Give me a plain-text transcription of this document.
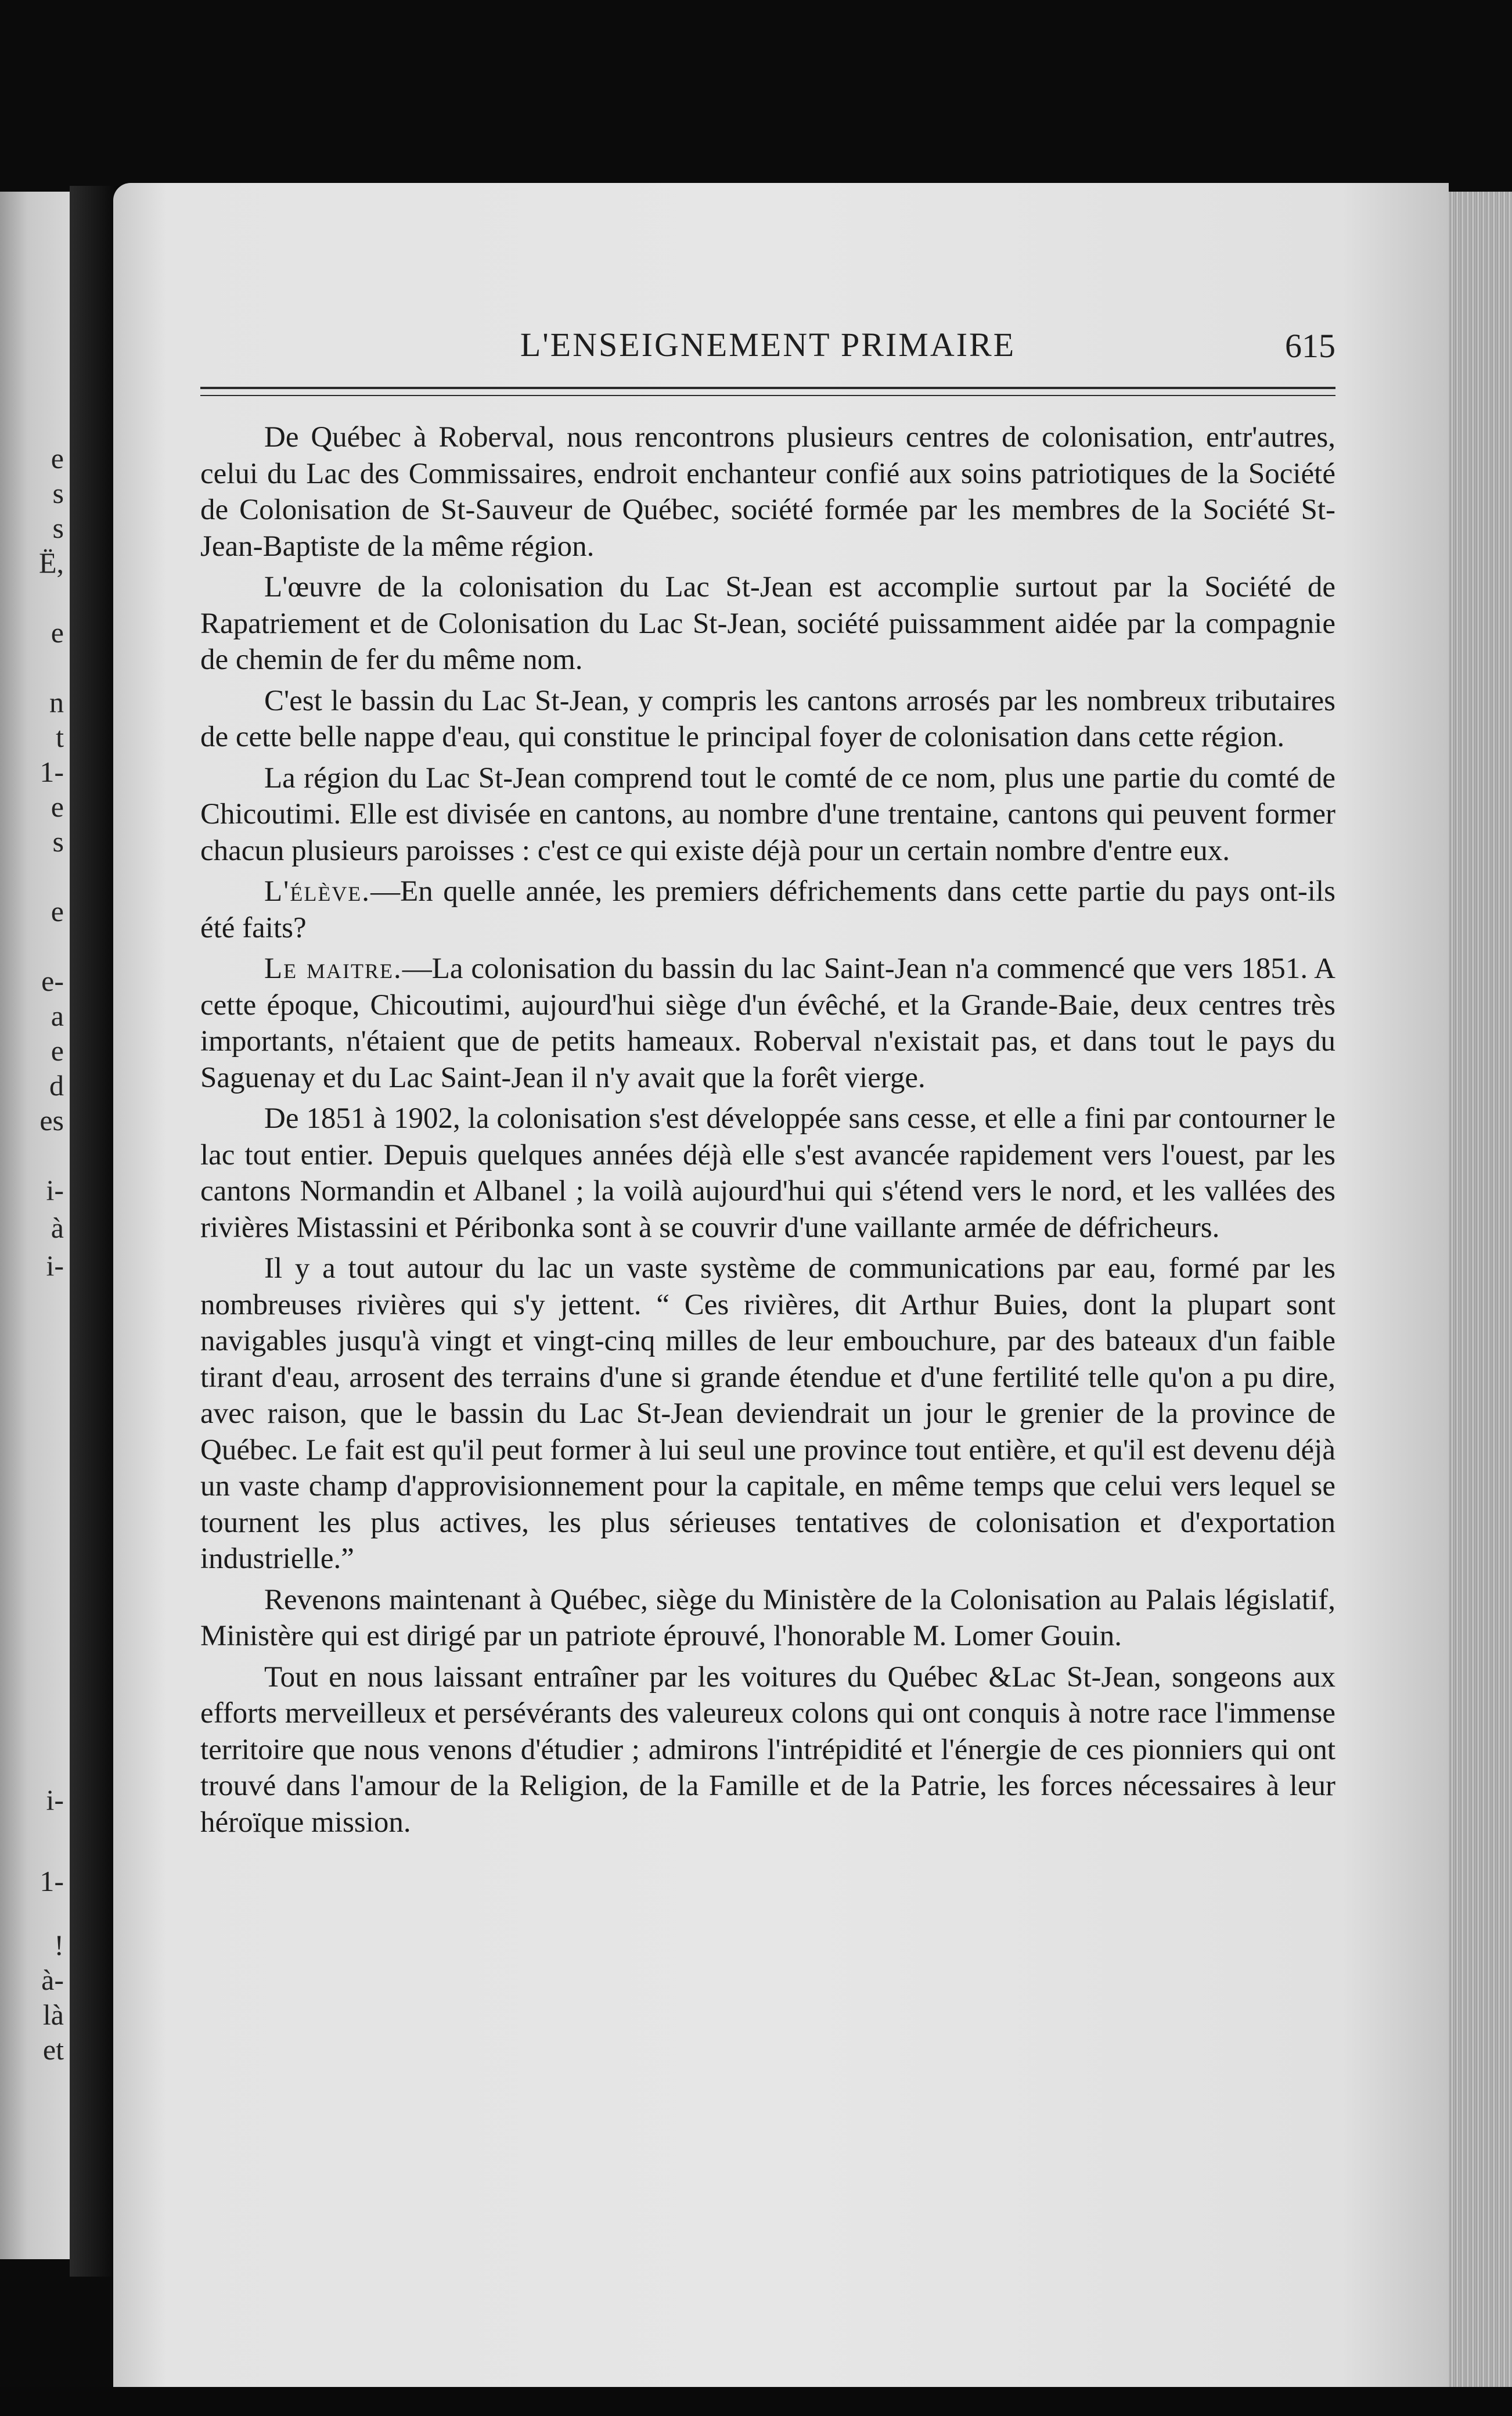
e
s
s
Ë,
e
n
t
1-
e
s
e
e-
a
e
d
es
i-
à
i-
i-
1-
!
à-
là
et
L'ENSEIGNEMENT PRIMAIRE	615

De Québec à Roberval, nous rencontrons plusieurs centres de colonisation, entr'autres, celui du Lac des Commissaires, endroit enchanteur confié aux soins patriotiques de la Société de Colonisation de St-Sauveur de Québec, société formée par les membres de la Société St-Jean-Baptiste de la même région.

L'œuvre de la colonisation du Lac St-Jean est accomplie surtout par la Société de Rapatriement et de Colonisation du Lac St-Jean, société puissamment aidée par la compagnie de chemin de fer du même nom.

C'est le bassin du Lac St-Jean, y compris les cantons arrosés par les nombreux tributaires de cette belle nappe d'eau, qui constitue le principal foyer de colonisation dans cette région.

La région du Lac St-Jean comprend tout le comté de ce nom, plus une partie du comté de Chicoutimi. Elle est divisée en cantons, au nombre d'une trentaine, cantons qui peuvent former chacun plusieurs paroisses : c'est ce qui existe déjà pour un certain nombre d'entre eux.

L'élève.—En quelle année, les premiers défrichements dans cette partie du pays ont-ils été faits?

Le maitre.—La colonisation du bassin du lac Saint-Jean n'a commencé que vers 1851. A cette époque, Chicoutimi, aujourd'hui siège d'un évêché, et la Grande-Baie, deux centres très importants, n'étaient que de petits hameaux. Roberval n'existait pas, et dans tout le pays du Saguenay et du Lac Saint-Jean il n'y avait que la forêt vierge.

De 1851 à 1902, la colonisation s'est développée sans cesse, et elle a fini par contourner le lac tout entier. Depuis quelques années déjà elle s'est avancée rapidement vers l'ouest, par les cantons Normandin et Albanel ; la voilà aujourd'hui qui s'étend vers le nord, et les vallées des rivières Mistassini et Péribonka sont à se couvrir d'une vaillante armée de défricheurs.

Il y a tout autour du lac un vaste système de communications par eau, formé par les nombreuses rivières qui s'y jettent. “ Ces rivières, dit Arthur Buies, dont la plupart sont navigables jusqu'à vingt et vingt-cinq milles de leur embouchure, par des bateaux d'un faible tirant d'eau, arrosent des terrains d'une si grande étendue et d'une fertilité telle qu'on a pu dire, avec raison, que le bassin du Lac St-Jean deviendrait un jour le grenier de la province de Québec. Le fait est qu'il peut former à lui seul une province tout entière, et qu'il est devenu déjà un vaste champ d'approvisionnement pour la capitale, en même temps que celui vers lequel se tournent les plus actives, les plus sérieuses tentatives de colonisation et d'exportation industrielle.”

Revenons maintenant à Québec, siège du Ministère de la Colonisation au Palais législatif, Ministère qui est dirigé par un patriote éprouvé, l'honorable M. Lomer Gouin.

Tout en nous laissant entraîner par les voitures du Québec &Lac St-Jean, songeons aux efforts merveilleux et persévérants des valeureux colons qui ont conquis à notre race l'immense territoire que nous venons d'étudier ; admirons l'intrépidité et l'énergie de ces pionniers qui ont trouvé dans l'amour de la Religion, de la Famille et de la Patrie, les forces nécessaires à leur héroïque mission.
